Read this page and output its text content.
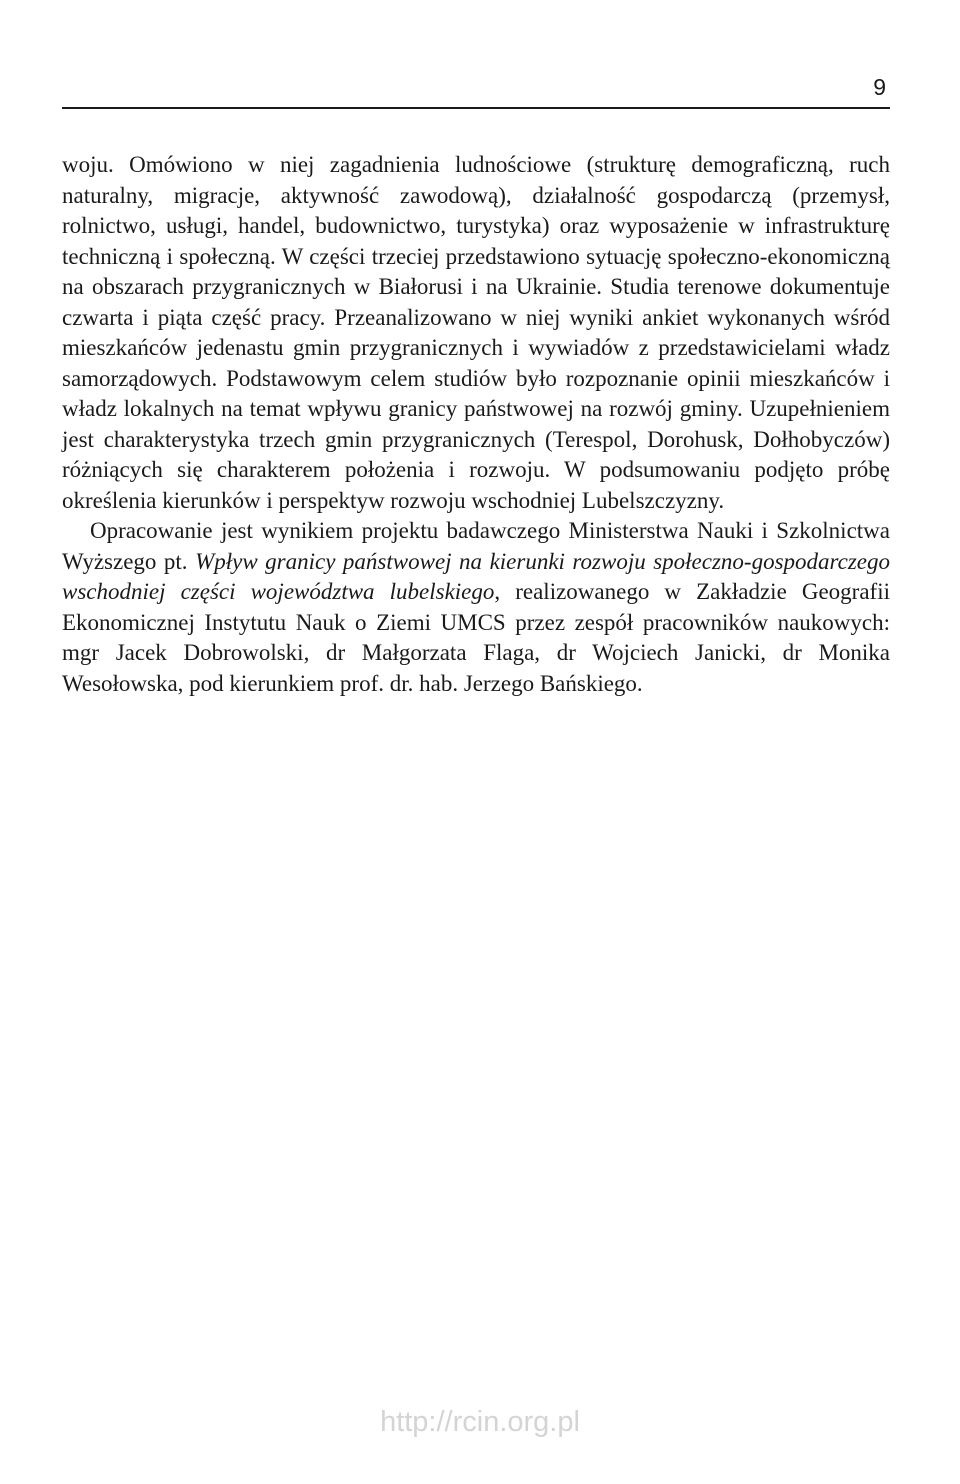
9

woju. Omówiono w niej zagadnienia ludnościowe (strukturę demograficzną, ruch naturalny, migracje, aktywność zawodową), działalność gospodarczą (przemysł, rolnictwo, usługi, handel, budownictwo, turystyka) oraz wyposażenie w infrastrukturę techniczną i społeczną. W części trzeciej przedstawiono sytuację społeczno-ekonomiczną na obszarach przygranicznych w Białorusi i na Ukrainie. Studia terenowe dokumentuje czwarta i piąta część pracy. Przeanalizowano w niej wyniki ankiet wykonanych wśród mieszkańców jedenastu gmin przygranicznych i wywiadów z przedstawicielami władz samorządowych. Podstawowym celem studiów było rozpoznanie opinii mieszkańców i władz lokalnych na temat wpływu granicy państwowej na rozwój gminy. Uzupełnieniem jest charakterystyka trzech gmin przygranicznych (Terespol, Dorohusk, Dołhobyczów) różniących się charakterem położenia i rozwoju. W podsumowaniu podjęto próbę określenia kierunków i perspektyw rozwoju wschodniej Lubelszczyzny.

Opracowanie jest wynikiem projektu badawczego Ministerstwa Nauki i Szkolnictwa Wyższego pt. Wpływ granicy państwowej na kierunki rozwoju społeczno-gospodarczego wschodniej części województwa lubelskiego, realizowanego w Zakładzie Geografii Ekonomicznej Instytutu Nauk o Ziemi UMCS przez zespół pracowników naukowych: mgr Jacek Dobrowolski, dr Małgorzata Flaga, dr Wojciech Janicki, dr Monika Wesołowska, pod kierunkiem prof. dr. hab. Jerzego Bańskiego.

http://rcin.org.pl
